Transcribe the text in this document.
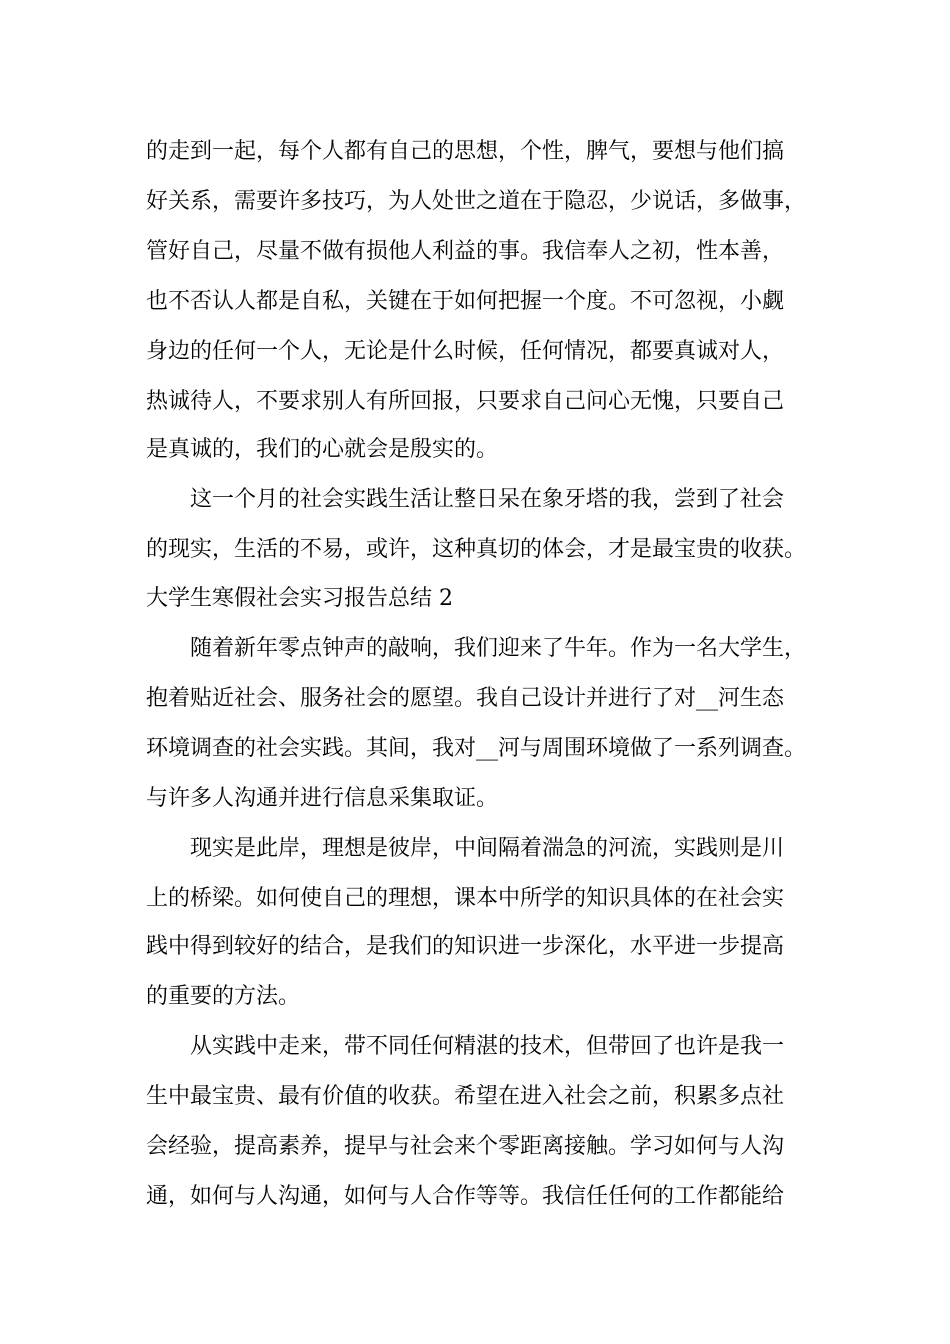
的走到一起，每个人都有自己的思想，个性，脾气，要想与他们搞
好关系，需要许多技巧，为人处世之道在于隐忍，少说话，多做事，
管好自己，尽量不做有损他人利益的事。我信奉人之初，性本善，
也不否认人都是自私，关键在于如何把握一个度。不可忽视，小觑
身边的任何一个人，无论是什么时候，任何情况，都要真诚对人，
热诚待人，不要求别人有所回报，只要求自己问心无愧，只要自己
是真诚的，我们的心就会是殷实的。
这一个月的社会实践生活让整日呆在象牙塔的我，尝到了社会
的现实，生活的不易，或许，这种真切的体会，才是最宝贵的收获。
大学生寒假社会实习报告总结 2
随着新年零点钟声的敲响，我们迎来了牛年。作为一名大学生，
抱着贴近社会、服务社会的愿望。我自己设计并进行了对__河生态
环境调查的社会实践。其间，我对__河与周围环境做了一系列调查。
与许多人沟通并进行信息采集取证。
现实是此岸，理想是彼岸，中间隔着湍急的河流，实践则是川
上的桥梁。如何使自己的理想，课本中所学的知识具体的在社会实
践中得到较好的结合，是我们的知识进一步深化，水平进一步提高
的重要的方法。
从实践中走来，带不同任何精湛的技术，但带回了也许是我一
生中最宝贵、最有价值的收获。希望在进入社会之前，积累多点社
会经验，提高素养，提早与社会来个零距离接触。学习如何与人沟
通，如何与人沟通，如何与人合作等等。我信任任何的工作都能给
